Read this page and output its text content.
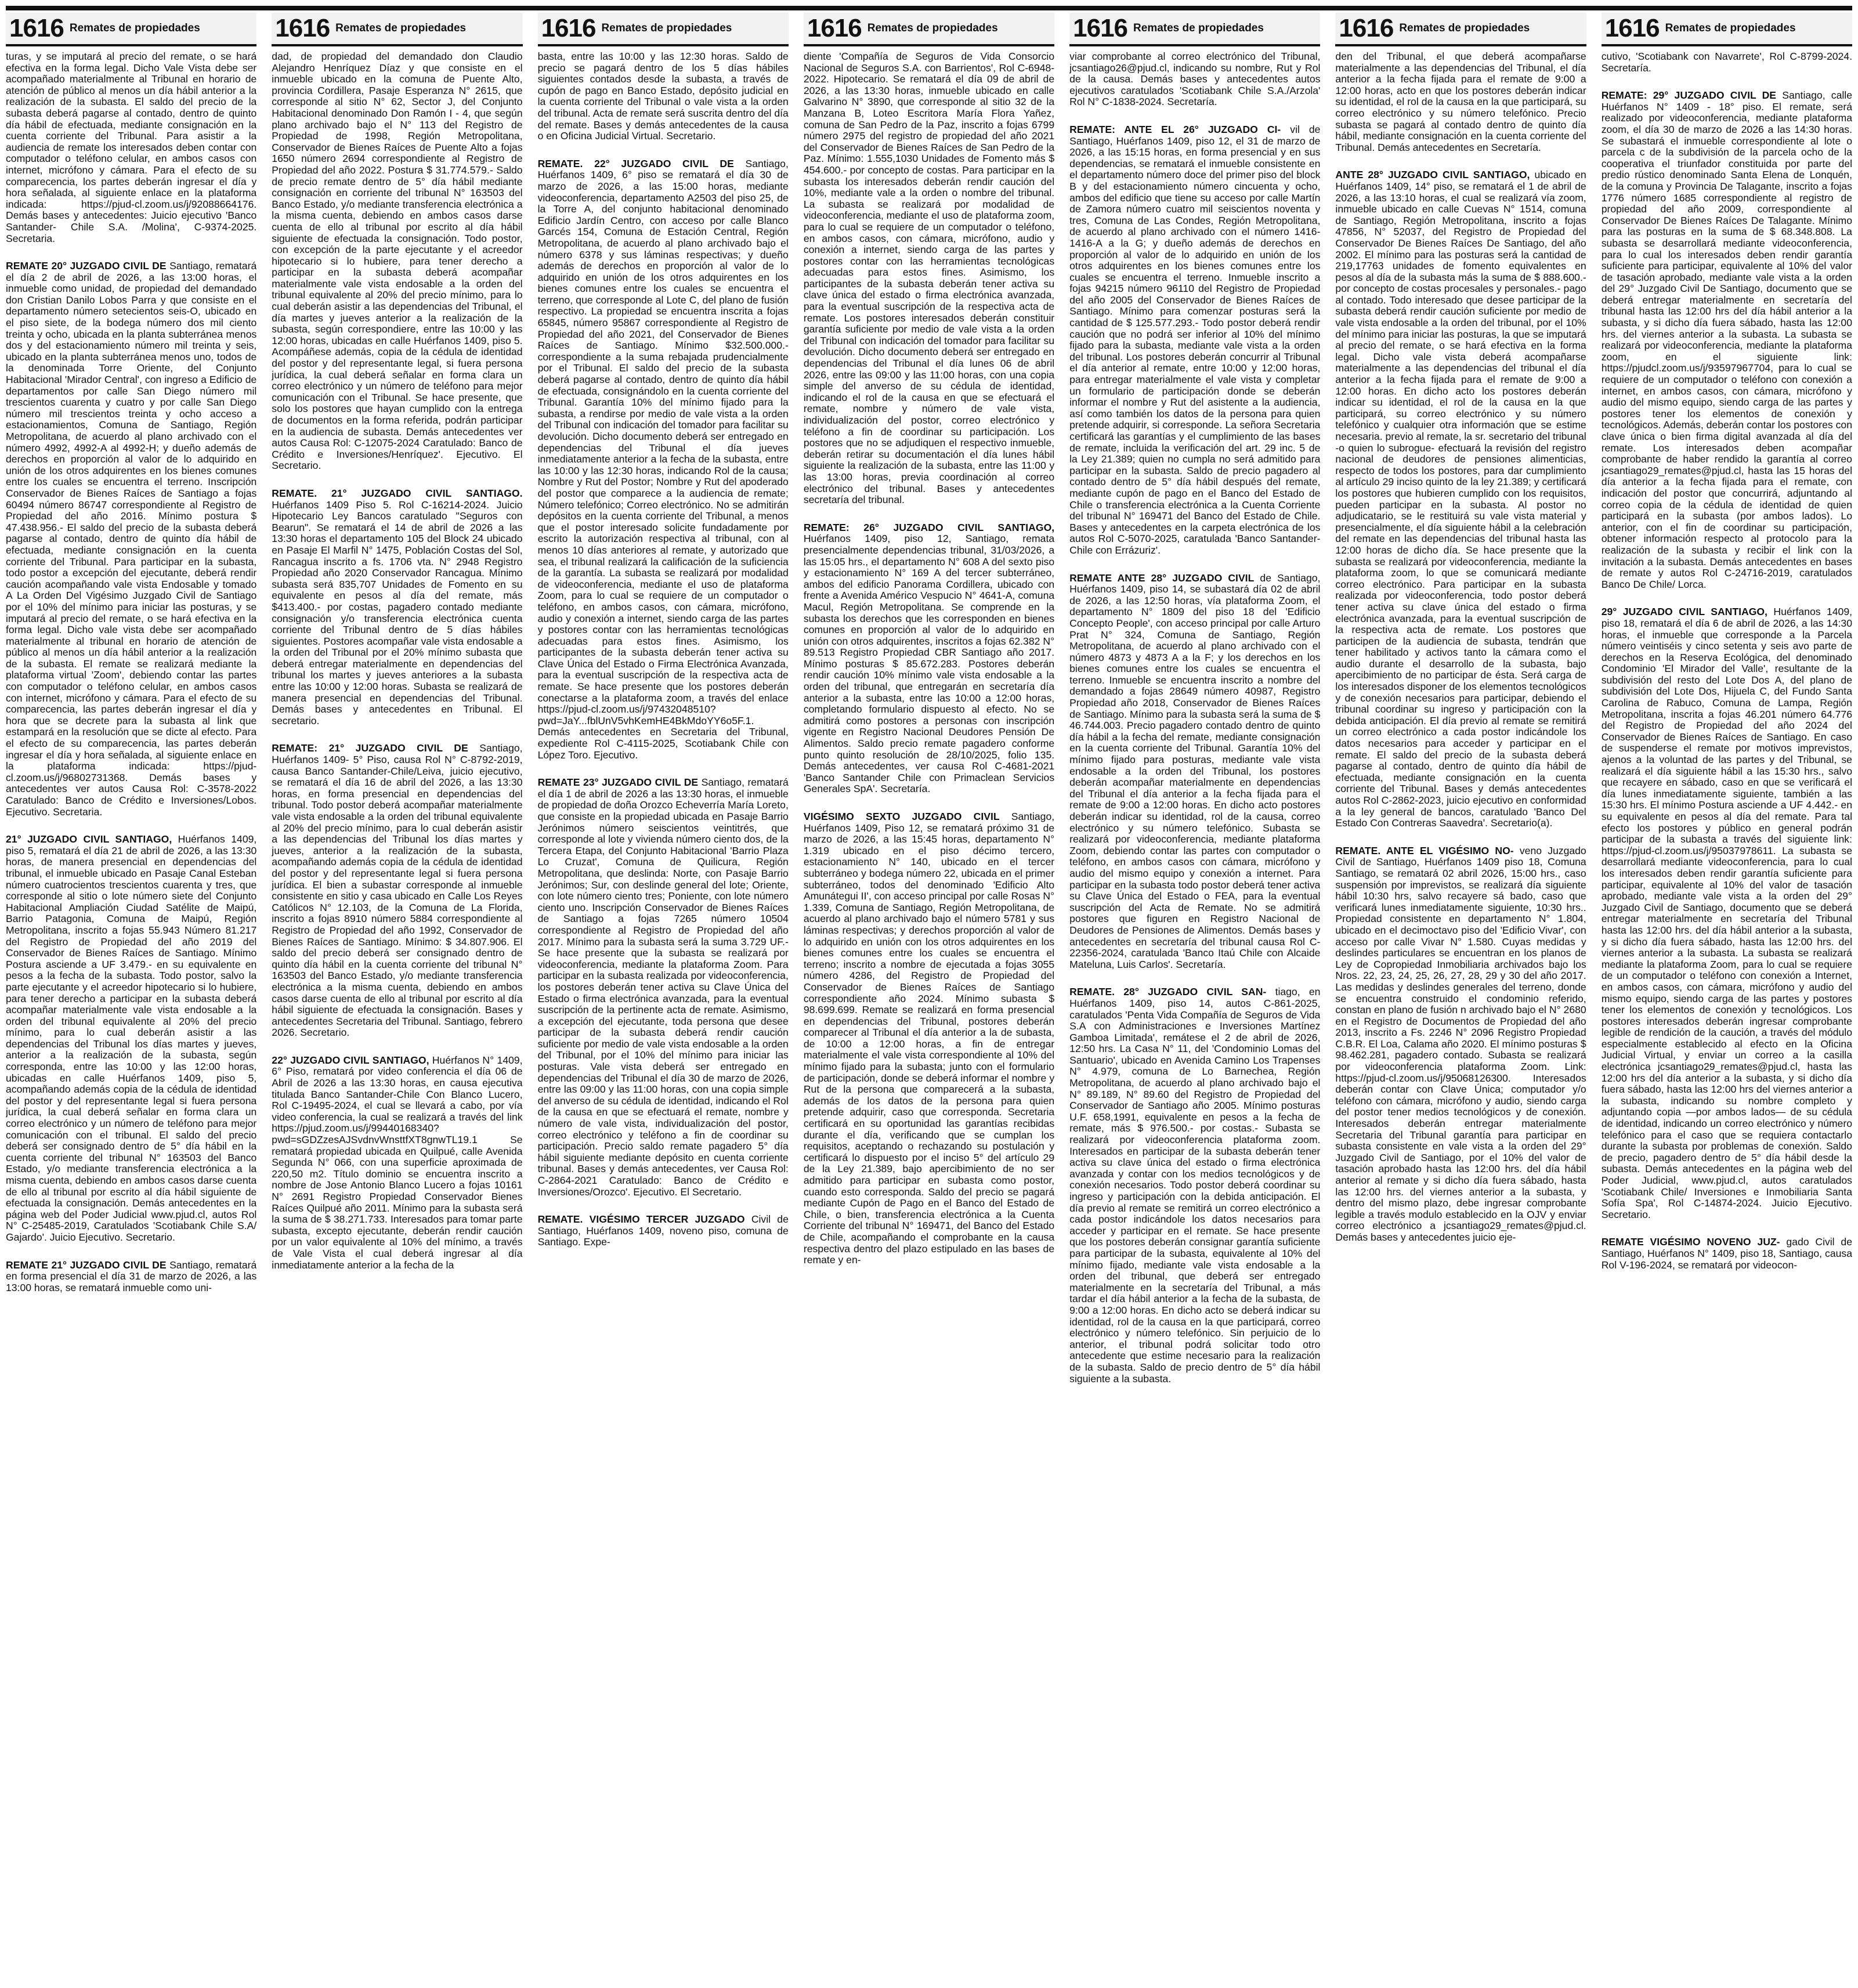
1616 Remates de propiedades

turas, y se imputará al precio del remate, o se hará efectiva en la forma legal. Dicho Vale Vista debe ser acompañado materialmente al Tribunal en horario de atención de público al menos un día hábil anterior a la realización de la subasta. El saldo del precio de la subasta deberá pagarse al contado, dentro de quinto día hábil de efectuada, mediante consignación en la cuenta corriente del Tribunal. Para asistir a la audiencia de remate los interesados deben contar con computador o teléfono celular, en ambos casos con internet, micrófono y cámara. Para el efecto de su comparecencia, los partes deberán ingresar el día y hora señalada, al siguiente enlace en la plataforma indicada: https://pjud-cl.zoom.us/j/92088664176. Demás bases y antecedentes: Juicio ejecutivo 'Banco Santander- Chile S.A. /Molina', C-9374-2025. Secretaria.

REMATE 20° JUZGADO CIVIL DE Santiago, rematará el día 2 de abril de 2026, a las 13:00 horas, el inmueble como unidad, de propiedad del demandado don Cristian Danilo Lobos Parra y que consiste en el departamento número setecientos seis-O, ubicado en el piso siete, de la bodega número dos mil ciento treinta y ocho, ubicada en la planta subterránea menos dos y del estacionamiento número mil treinta y seis, ubicado en la planta subterránea menos uno, todos de la denominada Torre Oriente, del Conjunto Habitacional 'Mirador Central', con ingreso a Edificio de departamentos por calle San Diego número mil trescientos cuarenta y cuatro y por calle San Diego número mil trescientos treinta y ocho acceso a estacionamientos, Comuna de Santiago, Región Metropolitana, de acuerdo al plano archivado con el número 4992, 4992-A al 4992-H; y dueño además de derechos en proporción al valor de lo adquirido en unión de los otros adquirentes en los bienes comunes entre los cuales se encuentra el terreno. Inscripción Conservador de Bienes Raíces de Santiago a fojas 60494 número 86747 correspondiente al Registro de Propiedad del año 2016. Mínimo postura $ 47.438.956.- El saldo del precio de la subasta deberá pagarse al contado, dentro de quinto día hábil de efectuada, mediante consignación en la cuenta corriente del Tribunal. Para participar en la subasta, todo postor a excepción del ejecutante, deberá rendir caución acompañando vale vista Endosable y tomado A La Orden Del Vigésimo Juzgado Civil de Santiago por el 10% del mínimo para iniciar las posturas, y se imputará al precio del remate, o se hará efectiva en la forma legal. Dicho vale vista debe ser acompañado materialmente al tribunal en horario de atención de público al menos un día hábil anterior a la realización de la subasta. El remate se realizará mediante la plataforma virtual 'Zoom', debiendo contar las partes con computador o teléfono celular, en ambos casos con internet, micrófono y cámara. Para el efecto de su comparecencia, las partes deberán ingresar el día y hora que se decrete para la subasta al link que estampará en la resolución que se dicte al efecto. Para el efecto de su comparecencia, las partes deberán ingresar el día y hora señalada, al siguiente enlace en la plataforma indicada: https://pjud-cl.zoom.us/j/96802731368. Demás bases y antecedentes ver autos Causa Rol: C-3578-2022 Caratulado: Banco de Crédito e Inversiones/Lobos. Ejecutivo. Secretaria.

21° JUZGADO CIVIL SANTIAGO, Huérfanos 1409, piso 5, rematará el día 21 de abril de 2026, a las 13:30 horas, de manera presencial en dependencias del tribunal, el inmueble ubicado en Pasaje Canal Esteban número cuatrocientos trescientos cuarenta y tres, que corresponde al sitio o lote número siete del Conjunto Habitacional Ampliación Ciudad Satélite de Maipú, Barrio Patagonia, Comuna de Maipú, Región Metropolitana, inscrito a fojas 55.943 Número 81.217 del Registro de Propiedad del año 2019 del Conservador de Bienes Raíces de Santiago. Mínimo Postura asciende a UF 3.479.- en su equivalente en pesos a la fecha de la subasta. Todo postor, salvo la parte ejecutante y el acreedor hipotecario si lo hubiere, para tener derecho a participar en la subasta deberá acompañar materialmente vale vista endosable a la orden del tribunal equivalente al 20% del precio mínimo, para lo cual deberán asistir a las dependencias del Tribunal los días martes y jueves, anterior a la realización de la subasta, según corresponda, entre las 10:00 y las 12:00 horas, ubicadas en calle Huérfanos 1409, piso 5, acompañando además copia de la cédula de identidad del postor y del representante legal si fuera persona jurídica, la cual deberá señalar en forma clara un correo electrónico y un número de teléfono para mejor comunicación con el tribunal. El saldo del precio deberá ser consignado dentro de 5° día hábil en la cuenta corriente del tribunal N° 163503 del Banco Estado, y/o mediante transferencia electrónica a la misma cuenta, debiendo en ambos casos darse cuenta de ello al tribunal por escrito al día hábil siguiente de efectuada la consignación. Demás antecedentes en la página web del Poder Judicial www.pjud.cl, autos Rol N° C-25485-2019, Caratulados 'Scotiabank Chile S.A/ Gajardo'. Juicio Ejecutivo. Secretario.

REMATE 21° JUZGADO CIVIL DE Santiago, rematará en forma presencial el día 31 de marzo de 2026, a las 13:00 horas, se rematará inmueble como uni-

1616 Remates de propiedades

dad, de propiedad del demandado don Claudio Alejandro Henríquez Díaz y que consiste en el inmueble ubicado en la comuna de Puente Alto, provincia Cordillera, Pasaje Esperanza N° 2615, que corresponde al sitio N° 62, Sector J, del Conjunto Habitacional denominado Don Ramón I - 4, que según plano archivado bajo el N° 113 del Registro de Propiedad de 1998, Región Metropolitana, Conservador de Bienes Raíces de Puente Alto a fojas 1650 número 2694 correspondiente al Registro de Propiedad del año 2022. Postura $ 31.774.579.- Saldo de precio remate dentro de 5° día hábil mediante consignación en corriente del tribunal N° 163503 del Banco Estado, y/o mediante transferencia electrónica a la misma cuenta, debiendo en ambos casos darse cuenta de ello al tribunal por escrito al día hábil siguiente de efectuada la consignación. Todo postor, con excepción de la parte ejecutante y el acreedor hipotecario si lo hubiere, para tener derecho a participar en la subasta deberá acompañar materialmente vale vista endosable a la orden del tribunal equivalente al 20% del precio mínimo, para lo cual deberán asistir a las dependencias del Tribunal, el día martes y jueves anterior a la realización de la subasta, según correspondiere, entre las 10:00 y las 12:00 horas, ubicadas en calle Huérfanos 1409, piso 5. Acompáñese además, copia de la cédula de identidad del postor y del representante legal, si fuera persona jurídica, la cual deberá señalar en forma clara un correo electrónico y un número de teléfono para mejor comunicación con el Tribunal. Se hace presente, que solo los postores que hayan cumplido con la entrega de documentos en la forma referida, podrán participar en la audiencia de subasta. Demás antecedentes ver autos Causa Rol: C-12075-2024 Caratulado: Banco de Crédito e Inversiones/Henríquez'. Ejecutivo. El Secretario.

REMATE. 21° JUZGADO CIVIL SANTIAGO. Huérfanos 1409 Piso 5. Rol C-16214-2024. Juicio Hipotecario Ley Bancos caratulado "Seguros con Bearun". Se rematará el 14 de abril de 2026 a las 13:30 horas el departamento 105 del Block 24 ubicado en Pasaje El Marfil N° 1475, Población Costas del Sol, Rancagua inscrito a fs. 1706 vta. N° 2948 Registro Propiedad año 2020 Conservador Rancagua. Mínimo subasta será 835,707 Unidades de Fomento en su equivalente en pesos al día del remate, más $413.400.- por costas, pagadero contado mediante consignación y/o transferencia electrónica cuenta corriente del Tribunal dentro de 5 días hábiles siguientes. Postores acompañar vale vista endosable a la orden del Tribunal por el 20% mínimo subasta que deberá entregar materialmente en dependencias del tribunal los martes y jueves anteriores a la subasta entre las 10:00 y 12:00 horas. Subasta se realizará de manera presencial en dependencias del Tribunal. Demás bases y antecedentes en Tribunal. El secretario.

REMATE: 21° JUZGADO CIVIL DE Santiago, Huérfanos 1409- 5° Piso, causa Rol N° C-8792-2019, causa Banco Santander-Chile/Leiva, juicio ejecutivo, se rematará el día 16 de abril del 2026, a las 13:30 horas, en forma presencial en dependencias del tribunal. Todo postor deberá acompañar materialmente vale vista endosable a la orden del tribunal equivalente al 20% del precio mínimo, para lo cual deberán asistir a las dependencias del Tribunal los días martes y jueves, anterior a la realización de la subasta, acompañando además copia de la cédula de identidad del postor y del representante legal si fuera persona jurídica. El bien a subastar corresponde al inmueble consistente en sitio y casa ubicado en Calle Los Reyes Católicos N° 12.103, de la Comuna de La Florida, inscrito a fojas 8910 número 5884 correspondiente al Registro de Propiedad del año 1992, Conservador de Bienes Raíces de Santiago. Mínimo: $ 34.807.906. El saldo del precio deberá ser consignado dentro de quinto día hábil en la cuenta corriente del tribunal N° 163503 del Banco Estado, y/o mediante transferencia electrónica a la misma cuenta, debiendo en ambos casos darse cuenta de ello al tribunal por escrito al día hábil siguiente de efectuada la consignación. Bases y antecedentes Secretaria del Tribunal. Santiago, febrero 2026. Secretario.

22° JUZGADO CIVIL SANTIAGO, Huérfanos N° 1409, 6° Piso, rematará por video conferencia el día 06 de Abril de 2026 a las 13:30 horas, en causa ejecutiva titulada Banco Santander-Chile Con Blanco Lucero, Rol C-19495-2024, el cual se llevará a cabo, por vía video conferencia, la cual se realizará a través del link https://pjud.zoom.us/j/99440168340?pwd=sGDZzesAJSvdnvWnsttfXT8gnwTL19.1 Se rematará propiedad ubicada en Quilpué, calle Avenida Segunda N° 066, con una superficie aproximada de 220,50 m2. Título dominio se encuentra inscrito a nombre de Jose Antonio Blanco Lucero a fojas 10161 N° 2691 Registro Propiedad Conservador Bienes Raíces Quilpué año 2011. Mínimo para la subasta será la suma de $ 38.271.733. Interesados para tomar parte subasta, excepto ejecutante, deberán rendir caución por un valor equivalente al 10% del mínimo, a través de Vale Vista el cual deberá ingresar al día inmediatamente anterior a la fecha de la

1616 Remates de propiedades

basta, entre las 10:00 y las 12:30 horas. Saldo de precio se pagará dentro de los 5 días hábiles siguientes contados desde la subasta, a través de cupón de pago en Banco Estado, depósito judicial en la cuenta corriente del Tribunal o vale vista a la orden del tribunal. Acta de remate será suscrita dentro del día del remate. Bases y demás antecedentes de la causa o en Oficina Judicial Virtual. Secretario.

REMATE. 22° JUZGADO CIVIL DE Santiago, Huérfanos 1409, 6° piso se rematará el día 30 de marzo de 2026, a las 15:00 horas, mediante videoconferencia, departamento A2503 del piso 25, de la Torre A, del conjunto habitacional denominado Edificio Jardín Centro, con acceso por calle Blanco Garcés 154, Comuna de Estación Central, Región Metropolitana, de acuerdo al plano archivado bajo el número 6378 y sus láminas respectivas; y dueño además de derechos en proporción al valor de lo adquirido en unión de los otros adquirentes en los bienes comunes entre los cuales se encuentra el terreno, que corresponde al Lote C, del plano de fusión respectivo. La propiedad se encuentra inscrita a fojas 65845, número 95867 correspondiente al Registro de Propiedad del año 2021, del Conservador de Bienes Raíces de Santiago. Mínimo $32.500.000.- correspondiente a la suma rebajada prudencialmente por el Tribunal. El saldo del precio de la subasta deberá pagarse al contado, dentro de quinto día hábil de efectuada, consignándolo en la cuenta corriente del Tribunal. Garantía 10% del mínimo fijado para la subasta, a rendirse por medio de vale vista a la orden del Tribunal con indicación del tomador para facilitar su devolución. Dicho documento deberá ser entregado en dependencias del Tribunal el día jueves inmediatamente anterior a la fecha de la subasta, entre las 10:00 y las 12:30 horas, indicando Rol de la causa; Nombre y Rut del Postor; Nombre y Rut del apoderado del postor que comparece a la audiencia de remate; Número telefónico; Correo electrónico. No se admitirán depósitos en la cuenta corriente del Tribunal, a menos que el postor interesado solicite fundadamente por escrito la autorización respectiva al tribunal, con al menos 10 días anteriores al remate, y autorizado que sea, el tribunal realizará la calificación de la suficiencia de la garantía. La subasta se realizará por modalidad de videoconferencia, mediante el uso de plataforma Zoom, para lo cual se requiere de un computador o teléfono, en ambos casos, con cámara, micrófono, audio y conexión a internet, siendo carga de las partes y postores contar con las herramientas tecnológicas adecuadas para estos fines. Asimismo, los participantes de la subasta deberán tener activa su Clave Única del Estado o Firma Electrónica Avanzada, para la eventual suscripción de la respectiva acta de remate. Se hace presente que los postores deberán conectarse a la plataforma zoom, a través del enlace https://pjud-cl.zoom.us/j/97432048510?pwd=JaY...fblUnV5vhKemHE4BkMdoYY6o5F.1. Demás antecedentes en Secretaria del Tribunal, expediente Rol C-4115-2025, Scotiabank Chile con López Toro. Ejecutivo.

REMATE 23° JUZGADO CIVIL DE Santiago, rematará el día 1 de abril de 2026 a las 13:30 horas, el inmueble de propiedad de doña Orozco Echeverría María Loreto, que consiste en la propiedad ubicada en Pasaje Barrio Jerónimos número seiscientos veintitrés, que corresponde al lote y vivienda número ciento dos, de la Tercera Etapa, del Conjunto Habitacional 'Barrio Plaza Lo Cruzat', Comuna de Quilicura, Región Metropolitana, que deslinda: Norte, con Pasaje Barrio Jerónimos; Sur, con deslinde general del lote; Oriente, con lote número ciento tres; Poniente, con lote número ciento uno. Inscripción Conservador de Bienes Raíces de Santiago a fojas 7265 número 10504 correspondiente al Registro de Propiedad del año 2017. Mínimo para la subasta será la suma 3.729 UF.- Se hace presente que la subasta se realizará por videoconferencia, mediante la plataforma Zoom. Para participar en la subasta realizada por videoconferencia, los postores deberán tener activa su Clave Única del Estado o firma electrónica avanzada, para la eventual suscripción de la pertinente acta de remate. Asimismo, a excepción del ejecutante, toda persona que desee participar de la subasta deberá rendir caución suficiente por medio de vale vista endosable a la orden del Tribunal, por el 10% del mínimo para iniciar las posturas. Vale vista deberá ser entregado en dependencias del Tribunal el día 30 de marzo de 2026, entre las 09:00 y las 11:00 horas, con una copia simple del anverso de su cédula de identidad, indicando el Rol de la causa en que se efectuará el remate, nombre y número de vale vista, individualización del postor, correo electrónico y teléfono a fin de coordinar su participación. Precio saldo remate pagadero 5° día hábil siguiente mediante depósito en cuenta corriente tribunal. Bases y demás antecedentes, ver Causa Rol: C-2864-2021 Caratulado: Banco de Crédito e Inversiones/Orozco'. Ejecutivo. El Secretario.

REMATE. VIGÉSIMO TERCER JUZGADO Civil de Santiago, Huérfanos 1409, noveno piso, comuna de Santiago. Expe-

1616 Remates de propiedades

diente 'Compañía de Seguros de Vida Consorcio Nacional de Seguros S.A. con Barrientos', Rol C-6948-2022. Hipotecario. Se rematará el día 09 de abril de 2026, a las 13:30 horas, inmueble ubicado en calle Galvarino N° 3890, que corresponde al sitio 32 de la Manzana B, Loteo Escritora María Flora Yañez, comuna de San Pedro de la Paz, inscrito a fojas 6799 número 2975 del registro de propiedad del año 2021 del Conservador de Bienes Raíces de San Pedro de la Paz. Mínimo: 1.555,1030 Unidades de Fomento más $ 454.600.- por concepto de costas. Para participar en la subasta los interesados deberán rendir caución del 10%, mediante vale a la orden o nombre del tribunal. La subasta se realizará por modalidad de videoconferencia, mediante el uso de plataforma zoom, para lo cual se requiere de un computador o teléfono, en ambos casos, con cámara, micrófono, audio y conexión a internet, siendo carga de las partes y postores contar con las herramientas tecnológicas adecuadas para estos fines. Asimismo, los participantes de la subasta deberán tener activa su clave única del estado o firma electrónica avanzada, para la eventual suscripción de la respectiva acta de remate. Los postores interesados deberán constituir garantía suficiente por medio de vale vista a la orden del Tribunal con indicación del tomador para facilitar su devolución. Dicho documento deberá ser entregado en dependencias del Tribunal el día lunes 06 de abril 2026, entre las 09:00 y las 11:00 horas, con una copia simple del anverso de su cédula de identidad, indicando el rol de la causa en que se efectuará el remate, nombre y número de vale vista, individualización del postor, correo electrónico y teléfono a fin de coordinar su participación. Los postores que no se adjudiquen el respectivo inmueble, deberán retirar su documentación el día lunes hábil siguiente la realización de la subasta, entre las 11:00 y las 13:00 horas, previa coordinación al correo electrónico del tribunal. Bases y antecedentes secretaría del tribunal.

REMATE: 26° JUZGADO CIVIL SANTIAGO, Huérfanos 1409, piso 12, Santiago, remata presencialmente dependencias tribunal, 31/03/2026, a las 15:05 hrs., el departamento N° 608 A del sexto piso y estacionamiento N° 169 A del tercer subterráneo, ambos del edificio Panorama Cordillera, ubicado con frente a Avenida Américo Vespucio N° 4641-A, comuna Macul, Región Metropolitana. Se comprende en la subasta los derechos que les corresponden en bienes comunes en proporción al valor de lo adquirido en unión con otros adquirentes, inscritos a fojas 62.382 N° 89.513 Registro Propiedad CBR Santiago año 2017. Mínimo posturas $ 85.672.283. Postores deberán rendir caución 10% mínimo vale vista endosable a la orden del tribunal, que entregarán en secretaría día anterior a la subasta, entre las 10:00 a 12:00 horas, completando formulario dispuesto al efecto. No se admitirá como postores a personas con inscripción vigente en Registro Nacional Deudores Pensión De Alimentos. Saldo precio remate pagadero conforme punto quinto resolución de 28/10/2025, folio 135. Demás antecedentes, ver causa Rol C-4681-2021 'Banco Santander Chile con Primaclean Servicios Generales SpA'. Secretaría.

VIGÉSIMO SEXTO JUZGADO CIVIL Santiago, Huérfanos 1409, Piso 12, se rematará próximo 31 de marzo de 2026, a las 15:45 horas, departamento N° 1.319 ubicado en el piso décimo tercero, estacionamiento N° 140, ubicado en el tercer subterráneo y bodega número 22, ubicada en el primer subterráneo, todos del denominado 'Edificio Alto Amunátegui II', con acceso principal por calle Rosas N° 1.339, Comuna de Santiago, Región Metropolitana, de acuerdo al plano archivado bajo el número 5781 y sus láminas respectivas; y derechos proporción al valor de lo adquirido en unión con los otros adquirentes en los bienes comunes entre los cuales se encuentra el terreno; inscrito a nombre de ejecutada a fojas 3055 número 4286, del Registro de Propiedad del Conservador de Bienes Raíces de Santiago correspondiente año 2024. Mínimo subasta $ 98.699.699. Remate se realizará en forma presencial en dependencias del Tribunal, postores deberán comparecer al Tribunal el día anterior a la de subasta, de 10:00 a 12:00 horas, a fin de entregar materialmente el vale vista correspondiente al 10% del mínimo fijado para la subasta; junto con el formulario de participación, donde se deberá informar el nombre y Rut de la persona que comparecerá a la subasta, además de los datos de la persona para quien pretende adquirir, caso que corresponda. Secretaria certificará en su oportunidad las garantías recibidas durante el día, verificando que se cumplan los requisitos, aceptando o rechazando su postulación y certificará lo dispuesto por el inciso 5° del artículo 29 de la Ley 21.389, bajo apercibimiento de no ser admitido para participar en subasta como postor, cuando esto corresponda. Saldo del precio se pagará mediante Cupón de Pago en el Banco del Estado de Chile, o bien, transferencia electrónica a la Cuenta Corriente del tribunal N° 169471, del Banco del Estado de Chile, acompañando el comprobante en la causa respectiva dentro del plazo estipulado en las bases de remate y en-

1616 Remates de propiedades

viar comprobante al correo electrónico del Tribunal, jcsantiago26@pjud.cl, indicando su nombre, Rut y Rol de la causa. Demás bases y antecedentes autos ejecutivos caratulados 'Scotiabank Chile S.A./Arzola' Rol N° C-1838-2024. Secretaría.

REMATE: ANTE EL 26° JUZGADO CI- vil de Santiago, Huérfanos 1409, piso 12, el 31 de marzo de 2026, a las 15:15 horas, en forma presencial y en sus dependencias, se rematará el inmueble consistente en el departamento número doce del primer piso del block B y del estacionamiento número cincuenta y ocho, ambos del edificio que tiene su acceso por calle Martín de Zamora número cuatro mil seiscientos noventa y tres, Comuna de Las Condes, Región Metropolitana, de acuerdo al plano archivado con el número 1416-1416-A a la G; y dueño además de derechos en proporción al valor de lo adquirido en unión de los otros adquirentes en los bienes comunes entre los cuales se encuentra el terreno. Inmueble inscrito a fojas 94215 número 96110 del Registro de Propiedad del año 2005 del Conservador de Bienes Raíces de Santiago. Mínimo para comenzar posturas será la cantidad de $ 125.577.293.- Todo postor deberá rendir caución que no podrá ser inferior al 10% del mínimo fijado para la subasta, mediante vale vista a la orden del tribunal. Los postores deberán concurrir al Tribunal el día anterior al remate, entre 10:00 y 12:00 horas, para entregar materialmente el vale vista y completar un formulario de participación donde se deberán informar el nombre y Rut del asistente a la audiencia, así como también los datos de la persona para quien pretende adquirir, si corresponde. La señora Secretaria certificará las garantías y el cumplimiento de las bases de remate, incluida la verificación del art. 29 inc. 5 de la Ley 21.389; quien no cumpla no será admitido para participar en la subasta. Saldo de precio pagadero al contado dentro de 5° día hábil después del remate, mediante cupón de pago en el Banco del Estado de Chile o transferencia electrónica a la Cuenta Corriente del tribunal N° 169471 del Banco del Estado de Chile. Bases y antecedentes en la carpeta electrónica de los autos Rol C-5070-2025, caratulada 'Banco Santander-Chile con Errázuriz'.

REMATE ANTE 28° JUZGADO CIVIL de Santiago, Huérfanos 1409, piso 14, se subastará día 02 de abril de 2026, a las 12:50 horas, vía plataforma Zoom, el departamento N° 1809 del piso 18 del 'Edificio Concepto People', con acceso principal por calle Arturo Prat N° 324, Comuna de Santiago, Región Metropolitana, de acuerdo al plano archivado con el número 4873 y 4873 A a la F; y los derechos en los bienes comunes entre los cuales se encuentra el terreno. Inmueble se encuentra inscrito a nombre del demandado a fojas 28649 número 40987, Registro Propiedad año 2018, Conservador de Bienes Raíces de Santiago. Mínimo para la subasta será la suma de $ 46.744.003. Precio pagadero contado dentro de quinto día hábil a la fecha del remate, mediante consignación en la cuenta corriente del Tribunal. Garantía 10% del mínimo fijado para posturas, mediante vale vista endosable a la orden del Tribunal, los postores deberán acompañar materialmente en dependencias del Tribunal el día anterior a la fecha fijada para el remate de 9:00 a 12:00 horas. En dicho acto postores deberán indicar su identidad, rol de la causa, correo electrónico y su número telefónico. Subasta se realizará por videoconferencia, mediante plataforma Zoom, debiendo contar las partes con computador o teléfono, en ambos casos con cámara, micrófono y audio del mismo equipo y conexión a internet. Para participar en la subasta todo postor deberá tener activa su Clave Única del Estado o FEA, para la eventual suscripción del Acta de Remate. No se admitirá postores que figuren en Registro Nacional de Deudores de Pensiones de Alimentos. Demás bases y antecedentes en secretaría del tribunal causa Rol C-22356-2024, caratulada 'Banco Itaú Chile con Alcaide Mateluna, Luis Carlos'. Secretaría.

REMATE. 28° JUZGADO CIVIL SAN- tiago, en Huérfanos 1409, piso 14, autos C-861-2025, caratulados 'Penta Vida Compañía de Seguros de Vida S.A con Administraciones e Inversiones Martínez Gamboa Limitada', remátese el 2 de abril de 2026, 12:50 hrs. La Casa N° 11, del 'Condominio Lomas del Santuario', ubicado en Avenida Camino Los Trapenses N° 4.979, comuna de Lo Barnechea, Región Metropolitana, de acuerdo al plano archivado bajo el N° 89.189, N° 89.60 del Registro de Propiedad del Conservador de Santiago año 2005. Mínimo posturas U.F. 658,1991, equivalente en pesos a la fecha de remate, más $ 976.500.- por costas.- Subasta se realizará por videoconferencia plataforma zoom. Interesados en participar de la subasta deberán tener activa su clave única del estado o firma electrónica avanzada y contar con los medios tecnológicos y de conexión necesarios. Todo postor deberá coordinar su ingreso y participación con la debida anticipación. El día previo al remate se remitirá un correo electrónico a cada postor indicándole los datos necesarios para acceder y participar en el remate. Se hace presente que los postores deberán consignar garantía suficiente para participar de la subasta, equivalente al 10% del mínimo fijado, mediante vale vista endosable a la orden del tribunal, que deberá ser entregado materialmente en la secretaría del Tribunal, a más tardar el día hábil anterior a la fecha de la subasta, de 9:00 a 12:00 horas. En dicho acto se deberá indicar su identidad, rol de la causa en la que participará, correo electrónico y número telefónico. Sin perjuicio de lo anterior, el tribunal podrá solicitar todo otro antecedente que estime necesario para la realización de la subasta. Saldo de precio dentro de 5° día hábil siguiente a la subasta.

1616 Remates de propiedades

den del Tribunal, el que deberá acompañarse materialmente a las dependencias del Tribunal, el día anterior a la fecha fijada para el remate de 9:00 a 12:00 horas, acto en que los postores deberán indicar su identidad, el rol de la causa en la que participará, su correo electrónico y su número telefónico. Precio subasta se pagará al contado dentro de quinto día hábil, mediante consignación en la cuenta corriente del Tribunal. Demás antecedentes en Secretaría.

ANTE 28° JUZGADO CIVIL SANTIAGO, ubicado en Huérfanos 1409, 14° piso, se rematará el 1 de abril de 2026, a las 13:10 horas, el cual se realizará vía zoom, inmueble ubicado en calle Cuevas N° 1514, comuna de Santiago, Región Metropolitana, inscrito a fojas 47856, N° 52037, del Registro de Propiedad del Conservador De Bienes Raíces De Santiago, del año 2002. El mínimo para las posturas será la cantidad de 219,17763 unidades de fomento equivalentes en pesos al día de la subasta más la suma de $ 888.600.-por concepto de costas procesales y personales.- pago al contado. Todo interesado que desee participar de la subasta deberá rendir caución suficiente por medio de vale vista endosable a la orden del tribunal, por el 10% del mínimo para iniciar las posturas, la que se imputará al precio del remate, o se hará efectiva en la forma legal. Dicho vale vista deberá acompañarse materialmente a las dependencias del tribunal el día anterior a la fecha fijada para el remate de 9:00 a 12:00 horas. En dicho acto los postores deberán indicar su identidad, el rol de la causa en la que participará, su correo electrónico y su número telefónico y cualquier otra información que se estime necesaria. previo al remate, la sr. secretario del tribunal -o quien lo subrogue- efectuará la revisión del registro nacional de deudores de pensiones alimenticias, respecto de todos los postores, para dar cumplimiento al artículo 29 inciso quinto de la ley 21.389; y certificará los postores que hubieren cumplido con los requisitos, pueden participar en la subasta. Al postor no adjudicatario, se le restituirá su vale vista material y presencialmente, el día siguiente hábil a la celebración del remate en las dependencias del tribunal hasta las 12:00 horas de dicho día. Se hace presente que la subasta se realizará por videoconferencia, mediante la plataforma zoom, lo que se comunicará mediante correo electrónico. Para participar en la subasta realizada por videoconferencia, todo postor deberá tener activa su clave única del estado o firma electrónica avanzada, para la eventual suscripción de la respectiva acta de remate. Los postores que participen de la audiencia de subasta, tendrán que tener habilitado y activos tanto la cámara como el audio durante el desarrollo de la subasta, bajo apercibimiento de no participar de ésta. Será carga de los interesados disponer de los elementos tecnológicos y de conexión necesarios para participar, debiendo el tribunal coordinar su ingreso y participación con la debida anticipación. El día previo al remate se remitirá un correo electrónico a cada postor indicándole los datos necesarios para acceder y participar en el remate. El saldo del precio de la subasta deberá pagarse al contado, dentro de quinto día hábil de efectuada, mediante consignación en la cuenta corriente del Tribunal. Bases y demás antecedentes autos Rol C-2862-2023, juicio ejecutivo en conformidad a la ley general de bancos, caratulado 'Banco Del Estado Con Contreras Saavedra'. Secretario(a).

REMATE. ANTE EL VIGÉSIMO NO- veno Juzgado Civil de Santiago, Huérfanos 1409 piso 18, Comuna Santiago, se rematará 02 abril 2026, 15:00 hrs., caso suspensión por imprevistos, se realizará día siguiente hábil 10:30 hrs, salvo recayere sá bado, caso que verificará lunes inmediatamente siguiente, 10:30 hrs.. Propiedad consistente en departamento N° 1.804, ubicado en el decimoctavo piso del 'Edificio Vivar', con acceso por calle Vivar N° 1.580. Cuyas medidas y deslindes particulares se encuentran en los planos de Ley de Copropiedad Inmobiliaria archivados bajo los Nros. 22, 23, 24, 25, 26, 27, 28, 29 y 30 del año 2017. Las medidas y deslindes generales del terreno, donde se encuentra construido el condominio referido, constan en plano de fusión n archivado bajo el N° 2680 en el Registro de Documentos de Propiedad del año 2013, inscrito a Fs. 2246 N° 2096 Registro Propiedad C.B.R. El Loa, Calama año 2020. El mínimo posturas $ 98.462.281, pagadero contado. Subasta se realizará por videoconferencia plataforma Zoom. Link: https://pjud-cl.zoom.us/j/95068126300. Interesados deberán contar con Clave Única; computador y/o teléfono con cámara, micrófono y audio, siendo carga del postor tener medios tecnológicos y de conexión. Interesados deberán entregar materialmente Secretaria del Tribunal garantía para participar en subasta consistente en vale vista a la orden del 29° Juzgado Civil de Santiago, por el 10% del valor de tasación aprobado hasta las 12:00 hrs. del día hábil anterior al remate y si dicho día fuera sábado, hasta las 12:00 hrs. del viernes anterior a la subasta, y dentro del mismo plazo, debe ingresar comprobante legible a través modulo establecido en la OJV y enviar correo electrónico a jcsantiago29_remates@pjud.cl. Demás bases y antecedentes juicio eje-

1616 Remates de propiedades

cutivo, 'Scotiabank con Navarrete', Rol C-8799-2024. Secretaría.

REMATE: 29° JUZGADO CIVIL DE Santiago, calle Huérfanos N° 1409 - 18° piso. El remate, será realizado por videoconferencia, mediante plataforma zoom, el día 30 de marzo de 2026 a las 14:30 horas. Se subastará el inmueble correspondiente al lote o parcela c de la subdivisión de la parcela ocho de la cooperativa el triunfador constituida por parte del predio rústico denominado Santa Elena de Lonquén, de la comuna y Provincia De Talagante, inscrito a fojas 1776 número 1685 correspondiente al registro de propiedad del año 2009, correspondiente al Conservador De Bienes Raíces De Talagante. Mínimo para las posturas en la suma de $ 68.348.808. La subasta se desarrollará mediante videoconferencia, para lo cual los interesados deben rendir garantía suficiente para participar, equivalente al 10% del valor de tasación aprobado, mediante vale vista a la orden del 29° Juzgado Civil De Santiago, documento que se deberá entregar materialmente en secretaría del tribunal hasta las 12:00 hrs del día hábil anterior a la subasta, y si dicho día fuera sábado, hasta las 12:00 hrs. del viernes anterior a la subasta. La subasta se realizará por videoconferencia, mediante la plataforma zoom, en el siguiente link: https://pjudcl.zoom.us/j/93597967704, para lo cual se requiere de un computador o teléfono con conexión a internet, en ambos casos, con cámara, micrófono y audio del mismo equipo, siendo carga de las partes y postores tener los elementos de conexión y tecnológicos. Además, deberán contar los postores con clave única o bien firma digital avanzada al día del remate. Los interesados deben acompañar comprobante de haber rendido la garantía al correo jcsantiago29_remates@pjud.cl, hasta las 15 horas del día anterior a la fecha fijada para el remate, con indicación del postor que concurrirá, adjuntando al correo copia de la cédula de identidad de quien participará en la subasta (por ambos lados). Lo anterior, con el fin de coordinar su participación, obtener información respecto al protocolo para la realización de la subasta y recibir el link con la invitación a la subasta. Demás antecedentes en bases de remate y autos Rol C-24716-2019, caratulados Banco De Chile/ Lorca.

29° JUZGADO CIVIL SANTIAGO, Huérfanos 1409, piso 18, rematará el día 6 de abril de 2026, a las 14:30 horas, el inmueble que corresponde a la Parcela número veintiséis y cinco setenta y seis avo parte de derechos en la Reserva Ecológica, del denominado Condominio 'El Mirador del Valle', resultante de la subdivisión del resto del Lote Dos A, del plano de subdivisión del Lote Dos, Hijuela C, del Fundo Santa Carolina de Rabuco, Comuna de Lampa, Región Metropolitana, inscrita a fojas 46.201 número 64.776 del Registro de Propiedad del año 2024 del Conservador de Bienes Raíces de Santiago. En caso de suspenderse el remate por motivos imprevistos, ajenos a la voluntad de las partes y del Tribunal, se realizará el día siguiente hábil a las 15:30 hrs., salvo que recayere en sábado, caso en que se verificará el día lunes inmediatamente siguiente, también a las 15:30 hrs. El mínimo Postura asciende a UF 4.442.- en su equivalente en pesos al día del remate. Para tal efecto los postores y público en general podrán participar de la subasta a través del siguiente link: https://pjud-cl.zoom.us/j/95037978611. La subasta se desarrollará mediante videoconferencia, para lo cual los interesados deben rendir garantía suficiente para participar, equivalente al 10% del valor de tasación aprobado, mediante vale vista a la orden del 29° Juzgado Civil de Santiago, documento que se deberá entregar materialmente en secretaría del Tribunal hasta las 12:00 hrs. del día hábil anterior a la subasta, y si dicho día fuera sábado, hasta las 12:00 hrs. del viernes anterior a la subasta. La subasta se realizará mediante la plataforma Zoom, para lo cual se requiere de un computador o teléfono con conexión a Internet, en ambos casos, con cámara, micrófono y audio del mismo equipo, siendo carga de las partes y postores tener los elementos de conexión y tecnológicos. Los postores interesados deberán ingresar comprobante legible de rendición de la caución, a través del módulo especialmente establecido al efecto en la Oficina Judicial Virtual, y enviar un correo a la casilla electrónica jcsantiago29_remates@pjud.cl, hasta las 12:00 hrs del día anterior a la subasta, y si dicho día fuera sábado, hasta las 12:00 hrs del viernes anterior a la subasta, indicando su nombre completo y adjuntando copia —por ambos lados— de su cédula de identidad, indicando un correo electrónico y número telefónico para el caso que se requiera contactarlo durante la subasta por problemas de conexión. Saldo de precio, pagadero dentro de 5° día hábil desde la subasta. Demás antecedentes en la página web del Poder Judicial, www.pjud.cl, autos caratulados 'Scotiabank Chile/ Inversiones e Inmobiliaria Santa Sofía Spa', Rol C-14874-2024. Juicio Ejecutivo. Secretario.

REMATE VIGÉSIMO NOVENO JUZ- gado Civil de Santiago, Huérfanos N° 1409, piso 18, Santiago, causa Rol V-196-2024, se rematará por videocon-
